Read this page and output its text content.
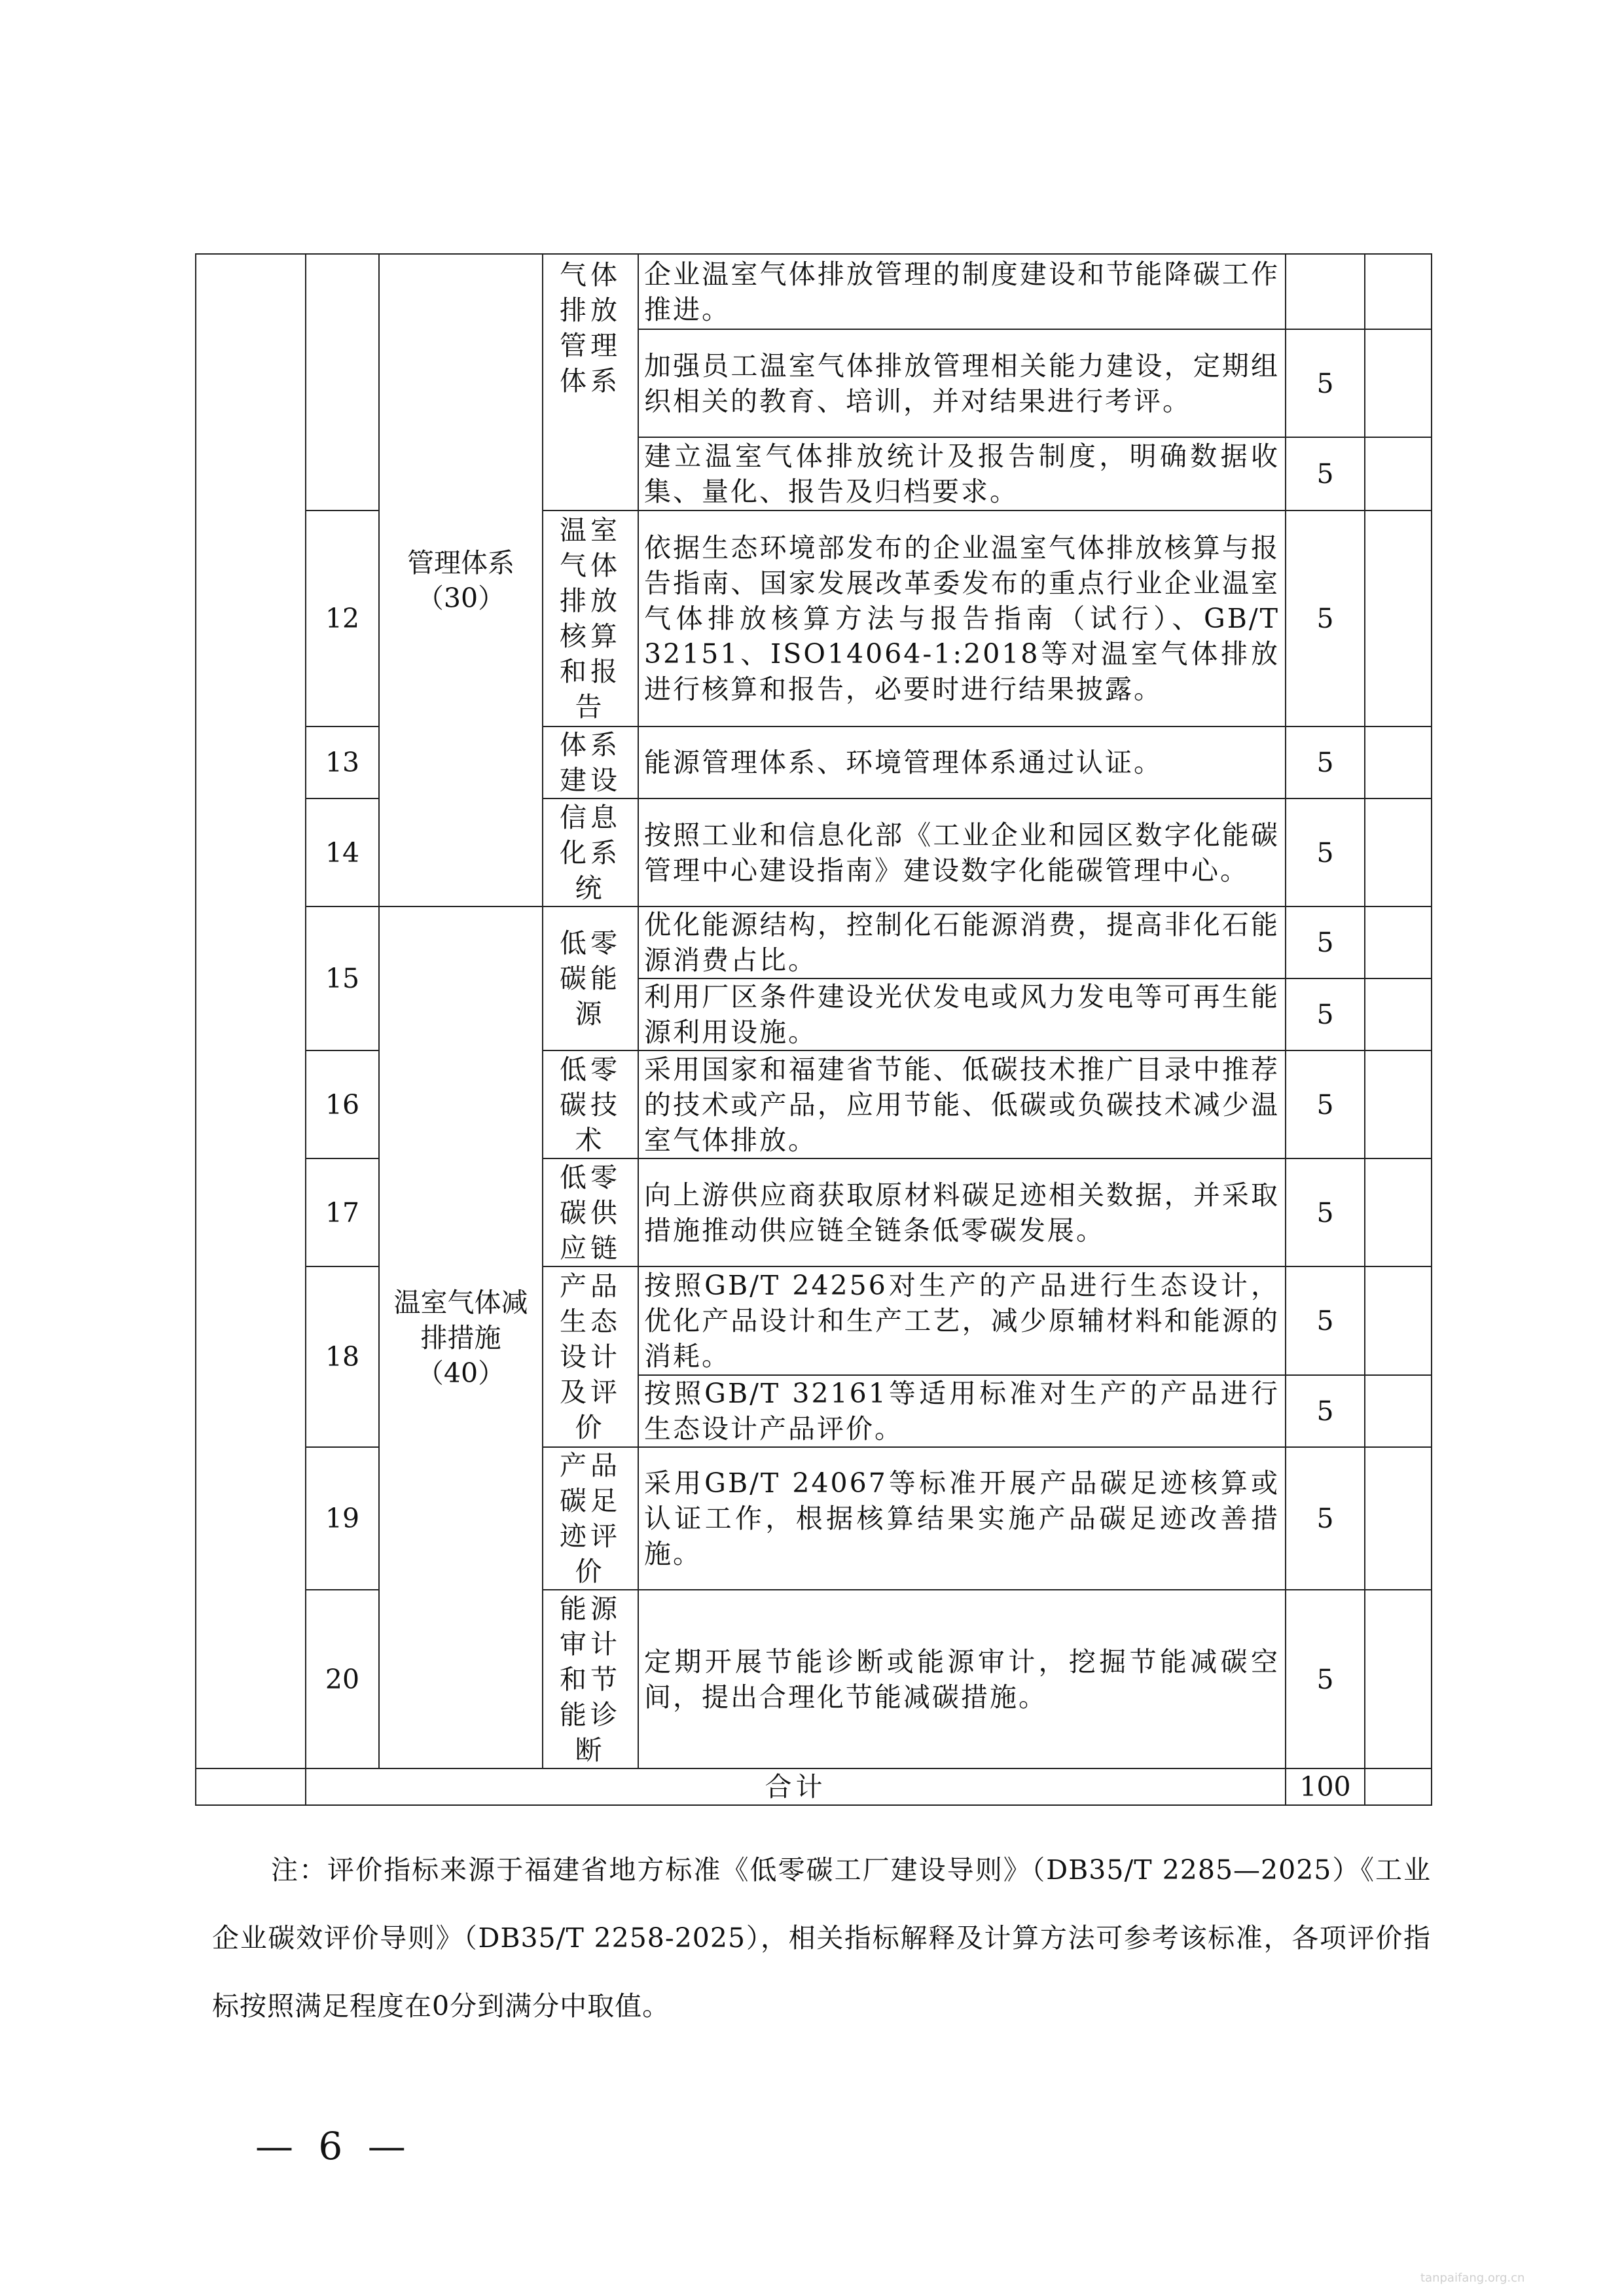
		管理体系（30）	气体排放管理体系	企业温室气体排放管理的制度建设和节能降碳工作推进。		
				加强员工温室气体排放管理相关能力建设，定期组织相关的教育、培训，并对结果进行考评。	5	
				建立温室气体排放统计及报告制度，明确数据收集、量化、报告及归档要求。	5	
	12		温室气体排放核算和报告	依据生态环境部发布的企业温室气体排放核算与报告指南、国家发展改革委发布的重点行业企业温室气体排放核算方法与报告指南（试行）、GB/T 32151、ISO14064-1:2018等对温室气体排放进行核算和报告，必要时进行结果披露。	5	
	13		体系建设	能源管理体系、环境管理体系通过认证。	5	
	14		信息化系统	按照工业和信息化部《工业企业和园区数字化能碳管理中心建设指南》建设数字化能碳管理中心。	5	
	15	温室气体减排措施（40）	低零碳能源	优化能源结构，控制化石能源消费，提高非化石能源消费占比。	5	
				利用厂区条件建设光伏发电或风力发电等可再生能源利用设施。	5	
	16		低零碳技术	采用国家和福建省节能、低碳技术推广目录中推荐的技术或产品，应用节能、低碳或负碳技术减少温室气体排放。	5	
	17		低零碳供应链	向上游供应商获取原材料碳足迹相关数据，并采取措施推动供应链全链条低零碳发展。	5	
	18		产品生态设计及评价	按照GB/T 24256对生产的产品进行生态设计，优化产品设计和生产工艺，减少原辅材料和能源的消耗。	5	
				按照GB/T 32161等适用标准对生产的产品进行生态设计产品评价。	5	
	19		产品碳足迹评价	采用GB/T 24067等标准开展产品碳足迹核算或认证工作，根据核算结果实施产品碳足迹改善措施。	5	
	20		能源审计和节能诊断	定期开展节能诊断或能源审计，挖掘节能减碳空间，提出合理化节能减碳措施。	5	
	合计				100	
注：评价指标来源于福建省地方标准《低零碳工厂建设导则》（DB35/T 2285—2025）《工业企业碳效评价导则》（DB35/T 2258-2025），相关指标解释及计算方法可参考该标准，各项评价指标按照满足程度在0分到满分中取值。
— 6 —
tanpaifang.org.cn
